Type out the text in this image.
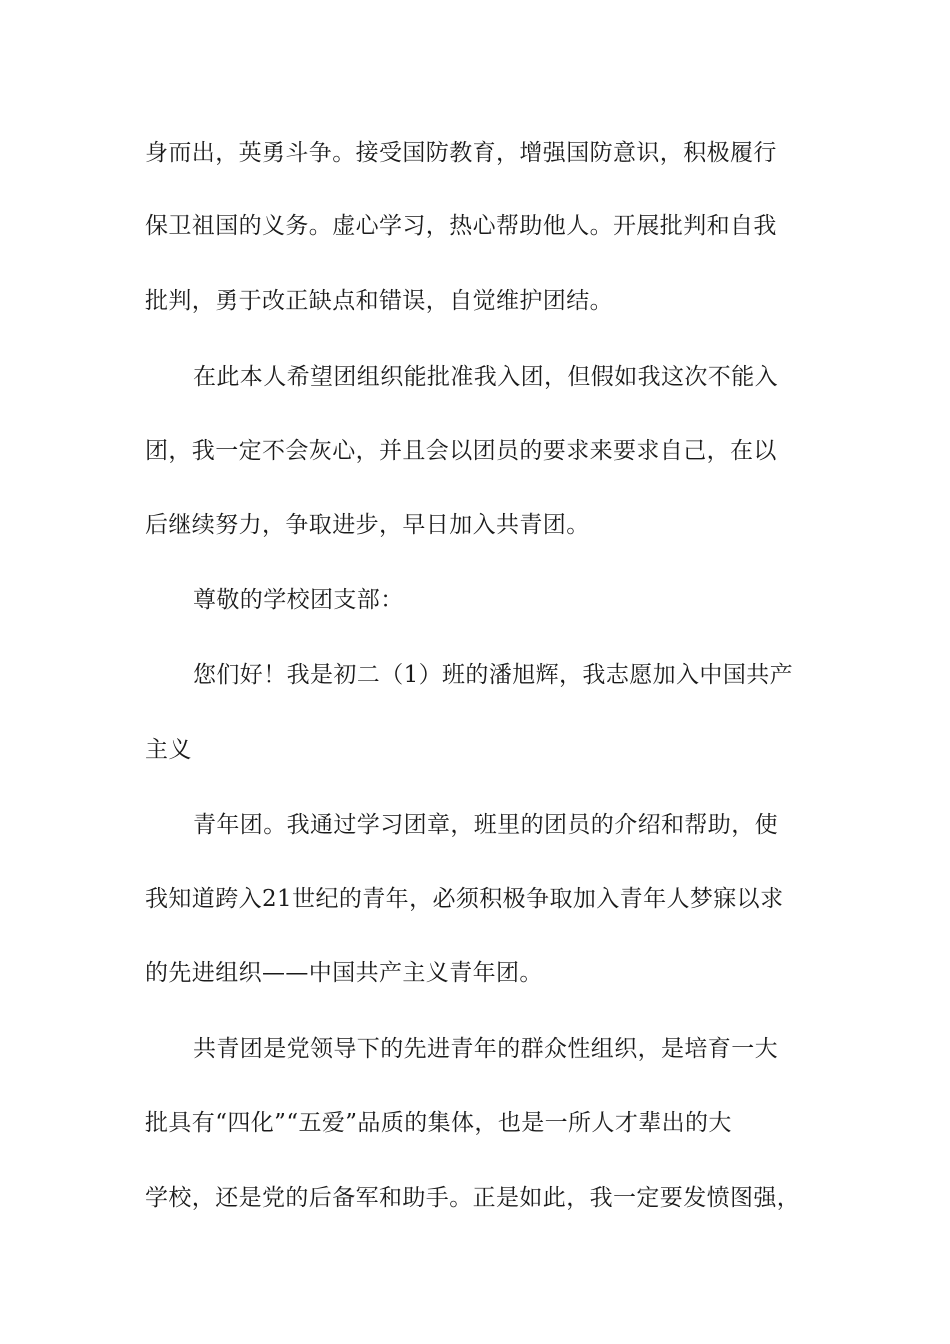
身而出，英勇斗争。接受国防教育，增强国防意识，积极履行
保卫祖国的义务。虚心学习，热心帮助他人。开展批判和自我
批判，勇于改正缺点和错误，自觉维护团结。
在此本人希望团组织能批准我入团，但假如我这次不能入
团，我一定不会灰心，并且会以团员的要求来要求自己，在以
后继续努力，争取进步，早日加入共青团。
尊敬的学校团支部：
您们好！我是初二（1）班的潘旭辉，我志愿加入中国共产
主义
青年团。我通过学习团章，班里的团员的介绍和帮助，使
我知道跨入21世纪的青年，必须积极争取加入青年人梦寐以求
的先进组织——中国共产主义青年团。
共青团是党领导下的先进青年的群众性组织，是培育一大
批具有“四化”“五爱”品质的集体，也是一所人才辈出的大
学校，还是党的后备军和助手。正是如此，我一定要发愤图强，
